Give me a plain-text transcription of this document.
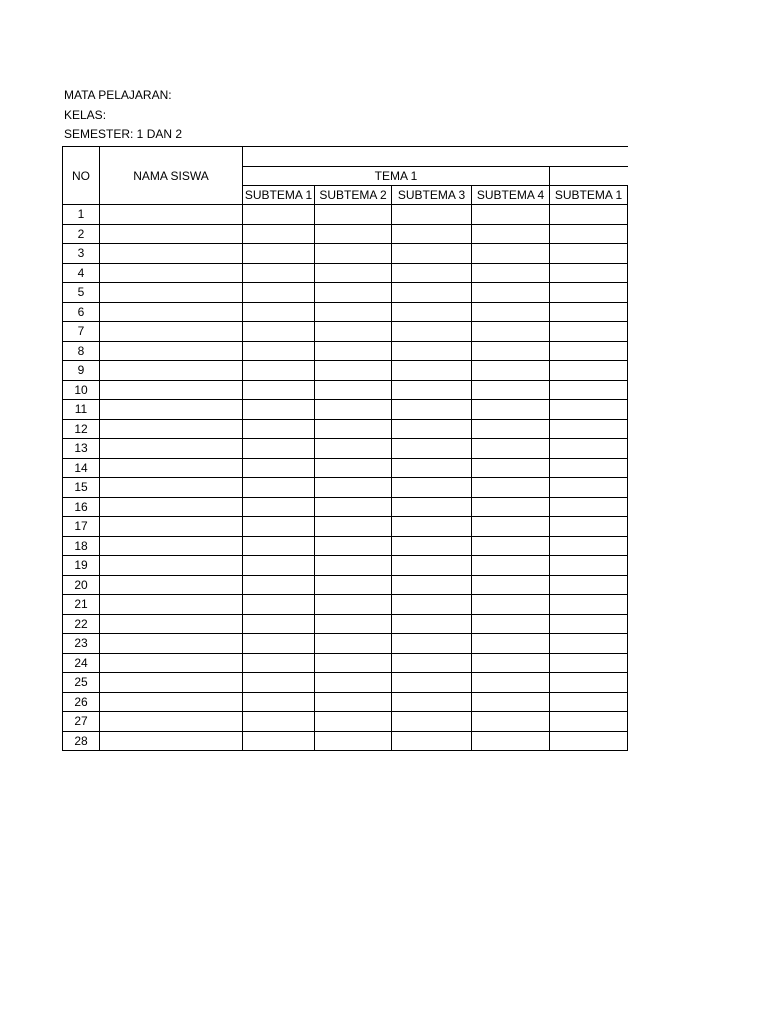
MATA PELAJARAN:
KELAS:
SEMESTER: 1 DAN 2
NO	NAMA SISWA					
		TEMA 1				
		SUBTEMA 1	SUBTEMA 2	SUBTEMA 3	SUBTEMA 4	SUBTEMA 1
1						
2						
3						
4						
5						
6						
7						
8						
9						
10						
11						
12						
13						
14						
15						
16						
17						
18						
19						
20						
21						
22						
23						
24						
25						
26						
27						
28						
